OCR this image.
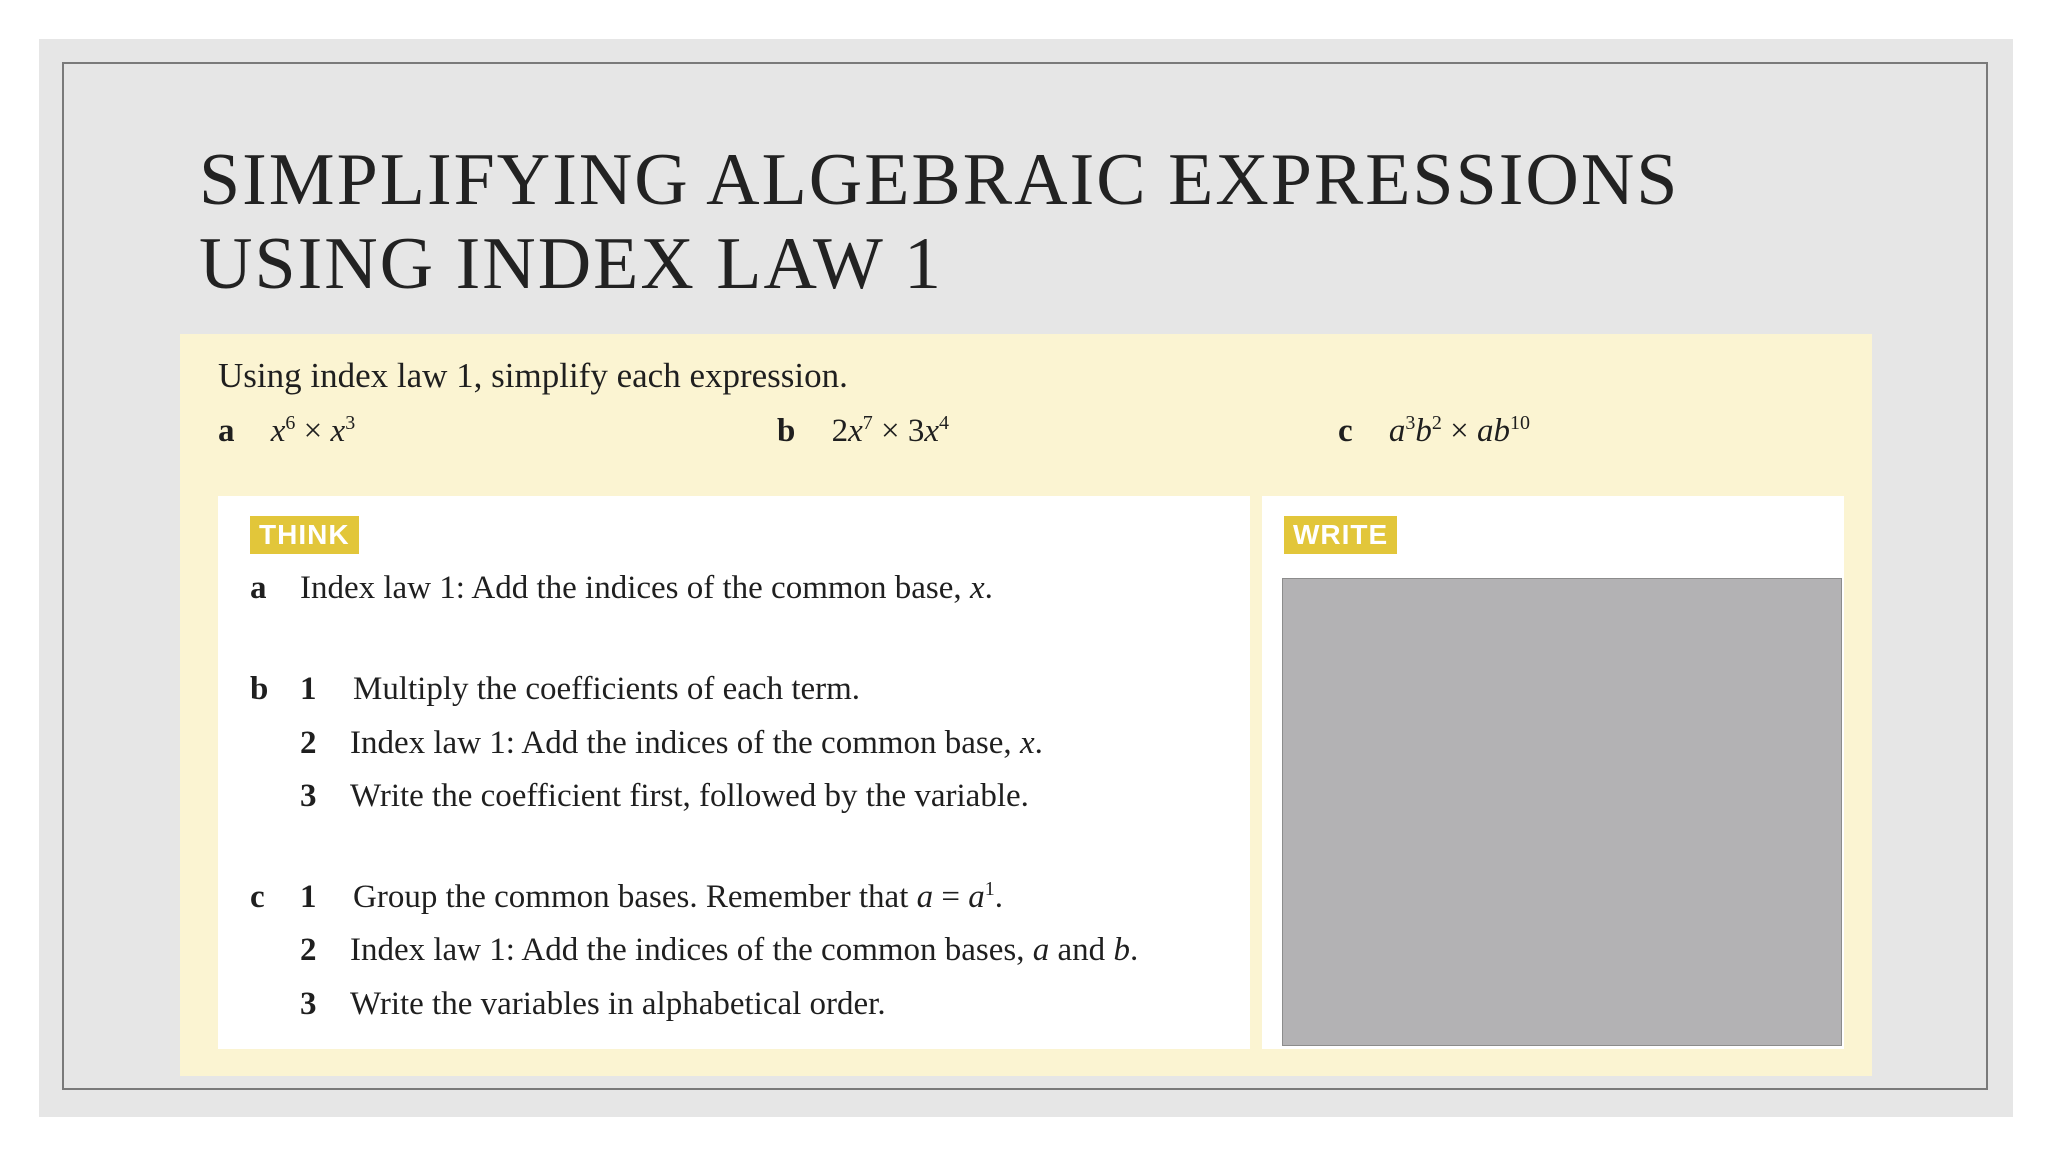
SIMPLIFYING ALGEBRAIC EXPRESSIONS
USING INDEX LAW 1
Using index law 1, simplify each expression.
a $x^6 \times x^3$	b $2x^7 \times 3x^4$	c $a^3b^2 \times ab^{10}$
THINK
a Index law 1: Add the indices of the common base, x.
b 1 Multiply the coefficients of each term.
2 Index law 1: Add the indices of the common base, x.
3 Write the coefficient first, followed by the variable.
c 1 Group the common bases. Remember that $a = a^1$.
2 Index law 1: Add the indices of the common bases, a and b.
3 Write the variables in alphabetical order.
WRITE
